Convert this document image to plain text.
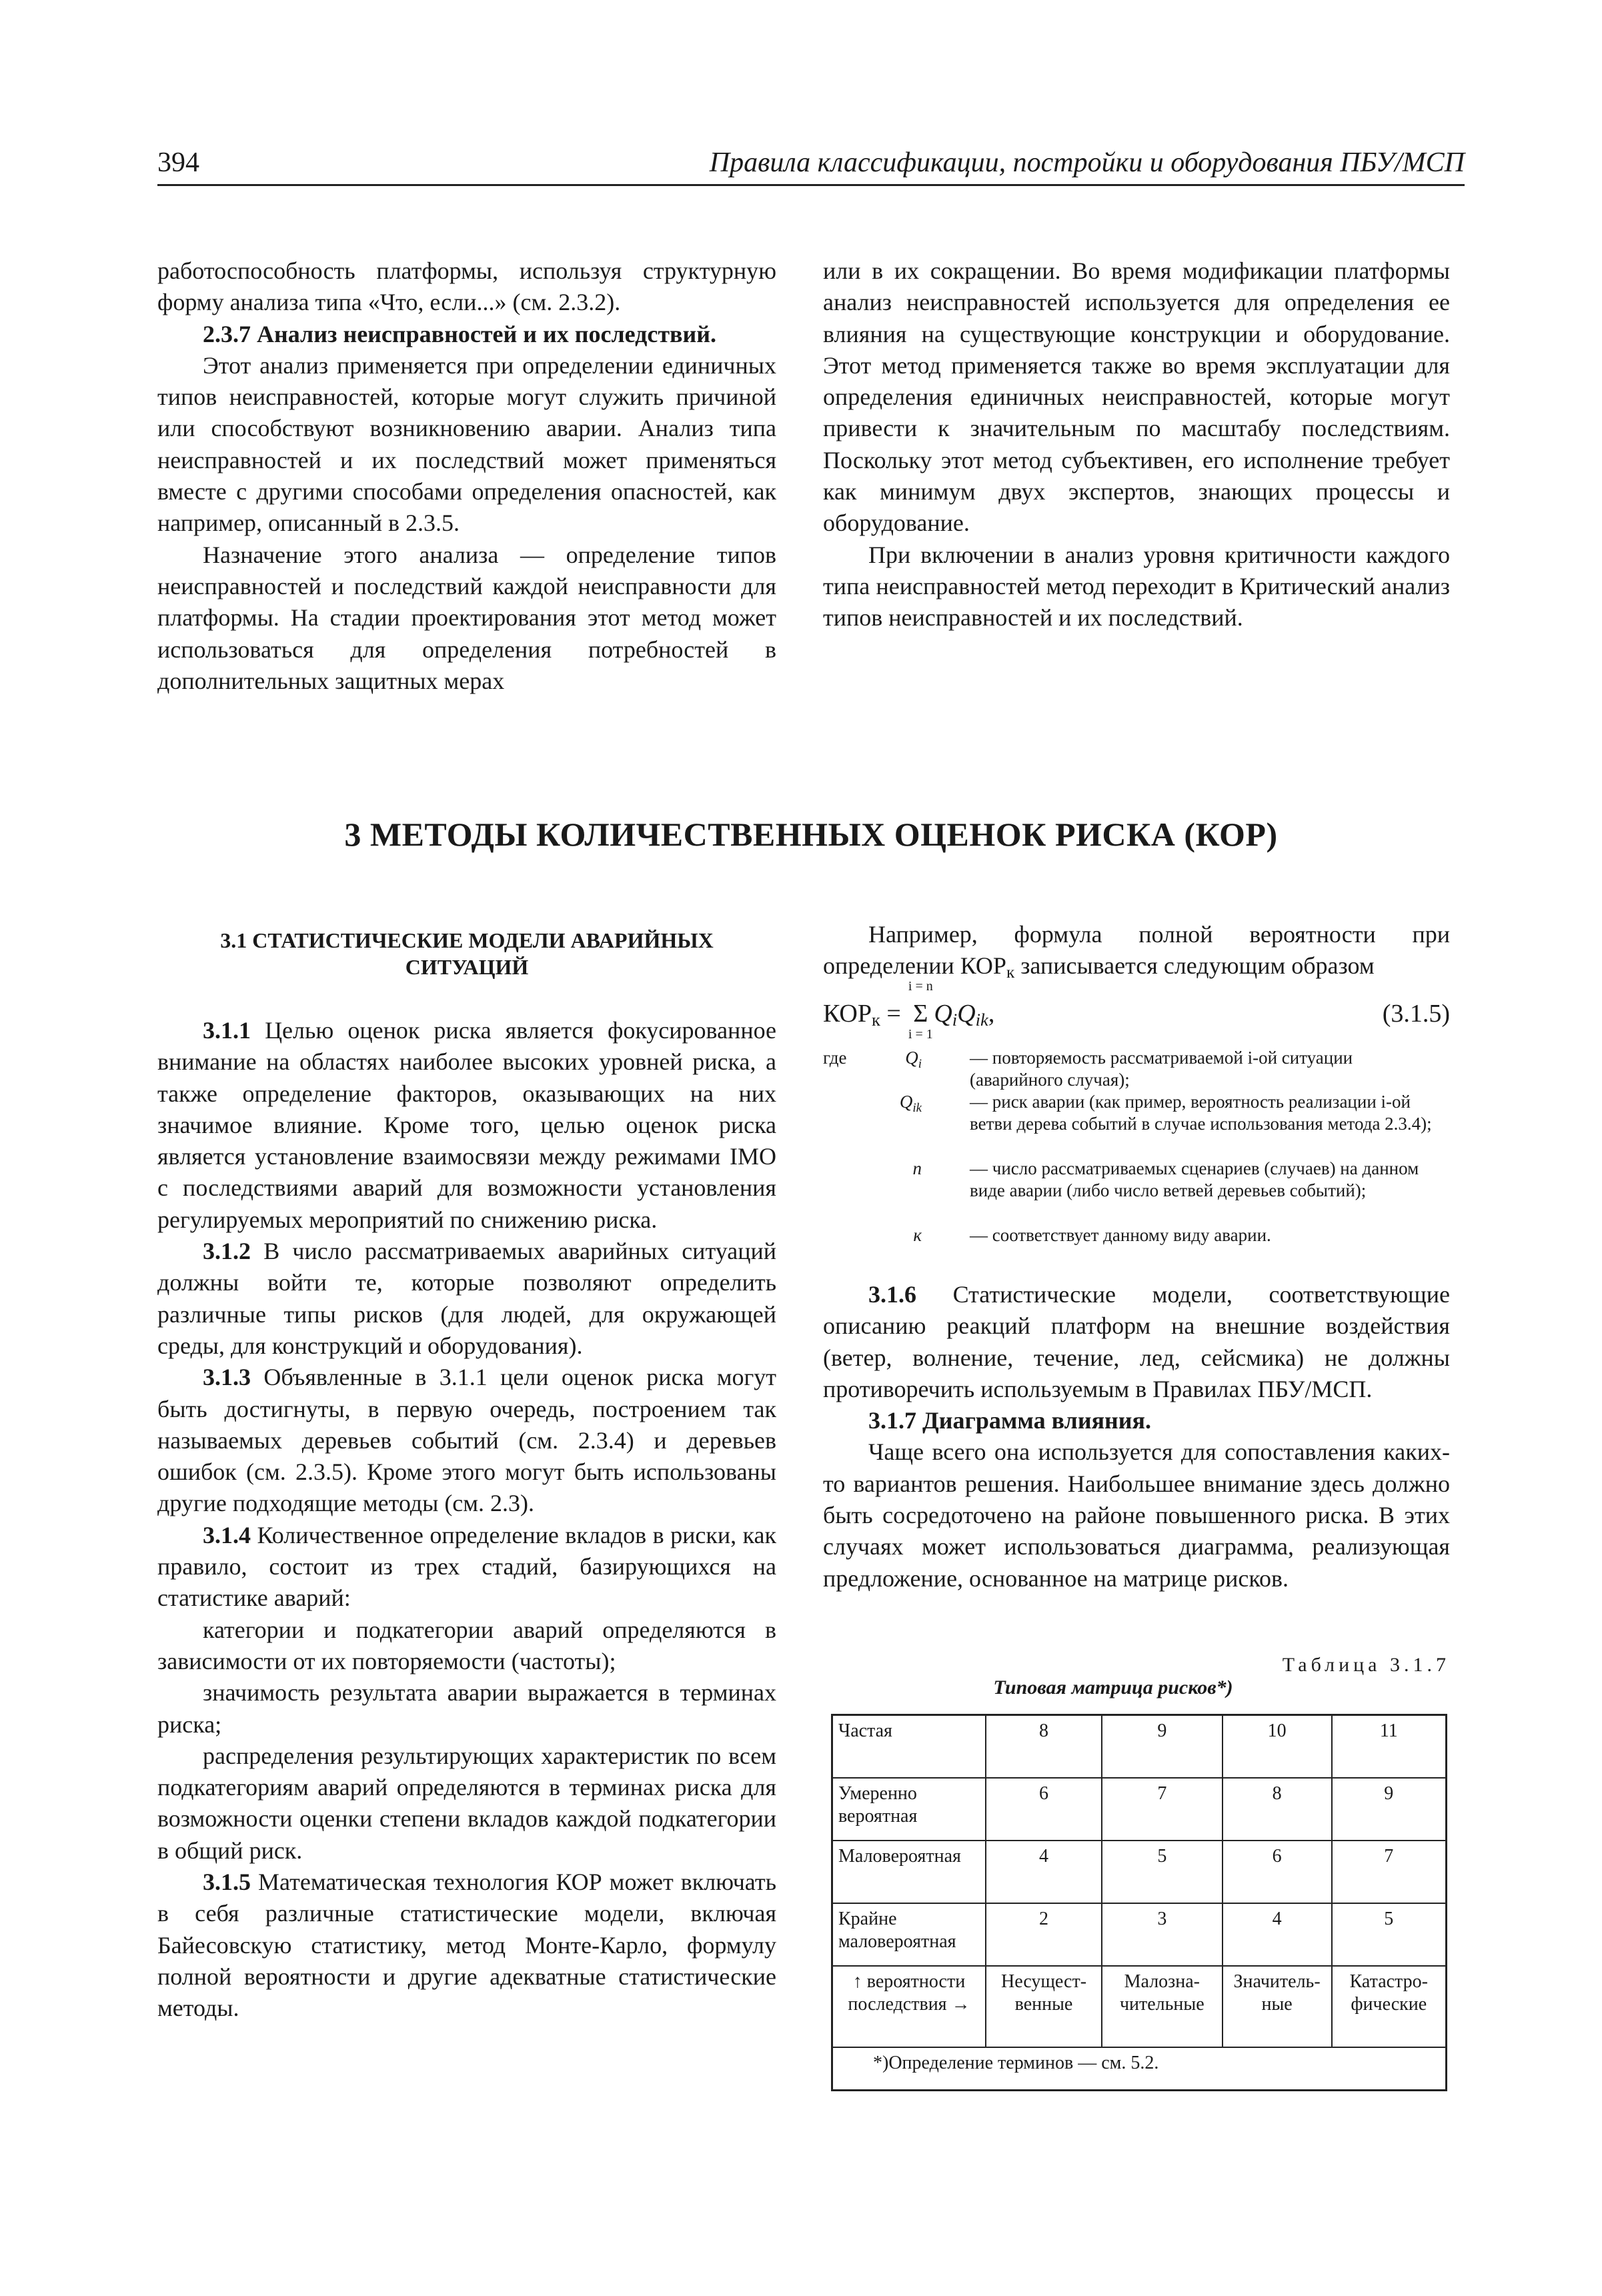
394	Правила классификации, постройки и оборудования ПБУ/МСП

работоспособность платформы, используя структурную форму анализа типа «Что, если...» (см. 2.3.2).

2.3.7 Анализ неисправностей и их последствий.

Этот анализ применяется при определении единичных типов неисправностей, которые могут служить причиной или способствуют возникновению аварии. Анализ типа неисправностей и их последствий может применяться вместе с другими способами определения опасностей, как например, описанный в 2.3.5.

Назначение этого анализа — определение типов неисправностей и последствий каждой неисправности для платформы. На стадии проектирования этот метод может использоваться для определения потребностей в дополнительных защитных мерах

или в их сокращении. Во время модификации платформы анализ неисправностей используется для определения ее влияния на существующие конструкции и оборудование. Этот метод применяется также во время эксплуатации для определения единичных неисправностей, которые могут привести к значительным по масштабу последствиям. Поскольку этот метод субъективен, его исполнение требует как минимум двух экспертов, знающих процессы и оборудование.

При включении в анализ уровня критичности каждого типа неисправностей метод переходит в Критический анализ типов неисправностей и их последствий.

3 МЕТОДЫ КОЛИЧЕСТВЕННЫХ ОЦЕНОК РИСКА (КОР)
3.1 СТАТИСТИЧЕСКИЕ МОДЕЛИ АВАРИЙНЫХ СИТУАЦИЙ

3.1.1 Целью оценок риска является фокусированное внимание на областях наиболее высоких уровней риска, а также определение факторов, оказывающих на них значимое влияние. Кроме того, целью оценок риска является установление взаимосвязи между режимами IMO с последствиями аварий для возможности установления регулируемых мероприятий по снижению риска.

3.1.2 В число рассматриваемых аварийных ситуаций должны войти те, которые позволяют определить различные типы рисков (для людей, для окружающей среды, для конструкций и оборудования).

3.1.3 Объявленные в 3.1.1 цели оценок риска могут быть достигнуты, в первую очередь, построением так называемых деревьев событий (см. 2.3.4) и деревьев ошибок (см. 2.3.5). Кроме этого могут быть использованы другие подходящие методы (см. 2.3).

3.1.4 Количественное определение вкладов в риски, как правило, состоит из трех стадий, базирующихся на статистике аварий:

категории и подкатегории аварий определяются в зависимости от их повторяемости (частоты);

значимость результата аварии выражается в терминах риска;

распределения результирующих характеристик по всем подкатегориям аварий определяются в терминах риска для возможности оценки степени вкладов каждой подкатегории в общий риск.

3.1.5 Математическая технология КОР может включать в себя различные статистические модели, включая Байесовскую статистику, метод Монте-Карло, формулу полной вероятности и другие адекватные статистические методы.

Например, формула полной вероятности при определении $КОР_к$ записывается следующим образом

$КОР_к$ =
i = n
Σ
i = 1
$Q_iQ_{ik}$,	(3.1.5)
где	$Q_i$	— повторяемость рассматриваемой i-ой ситуации (аварийного случая);
$Q_{ik}$	— риск аварии (как пример, вероятность реализации i-ой ветви дерева событий в случае использования метода 2.3.4);
n	— число рассматриваемых сценариев (случаев) на данном виде аварии (либо число ветвей деревьев событий);
к	— соответствует данному виду аварии.

3.1.6 Статистические модели, соответствующие описанию реакций платформ на внешние воздействия (ветер, волнение, течение, лед, сейсмика) не должны противоречить используемым в Правилах ПБУ/МСП.

3.1.7 Диаграмма влияния.

Чаще всего она используется для сопоставления каких-то вариантов решения. Наибольшее внимание здесь должно быть сосредоточено на районе повышенного риска. В этих случаях может использоваться диаграмма, реализующая предложение, основанное на матрице рисков.

Таблица 3.1.7
Типовая матрица рисков*)
Частая	8	9	10	11
Умеренно вероятная	6	7	8	9
Маловероятная	4	5	6	7
Крайне маловероятная	2	3	4	5
↑ вероятности последствия →	Несущест- венные	Малозна- чительные	Значитель- ные	Катастро- фические
*)Определение терминов — см. 5.2.				
